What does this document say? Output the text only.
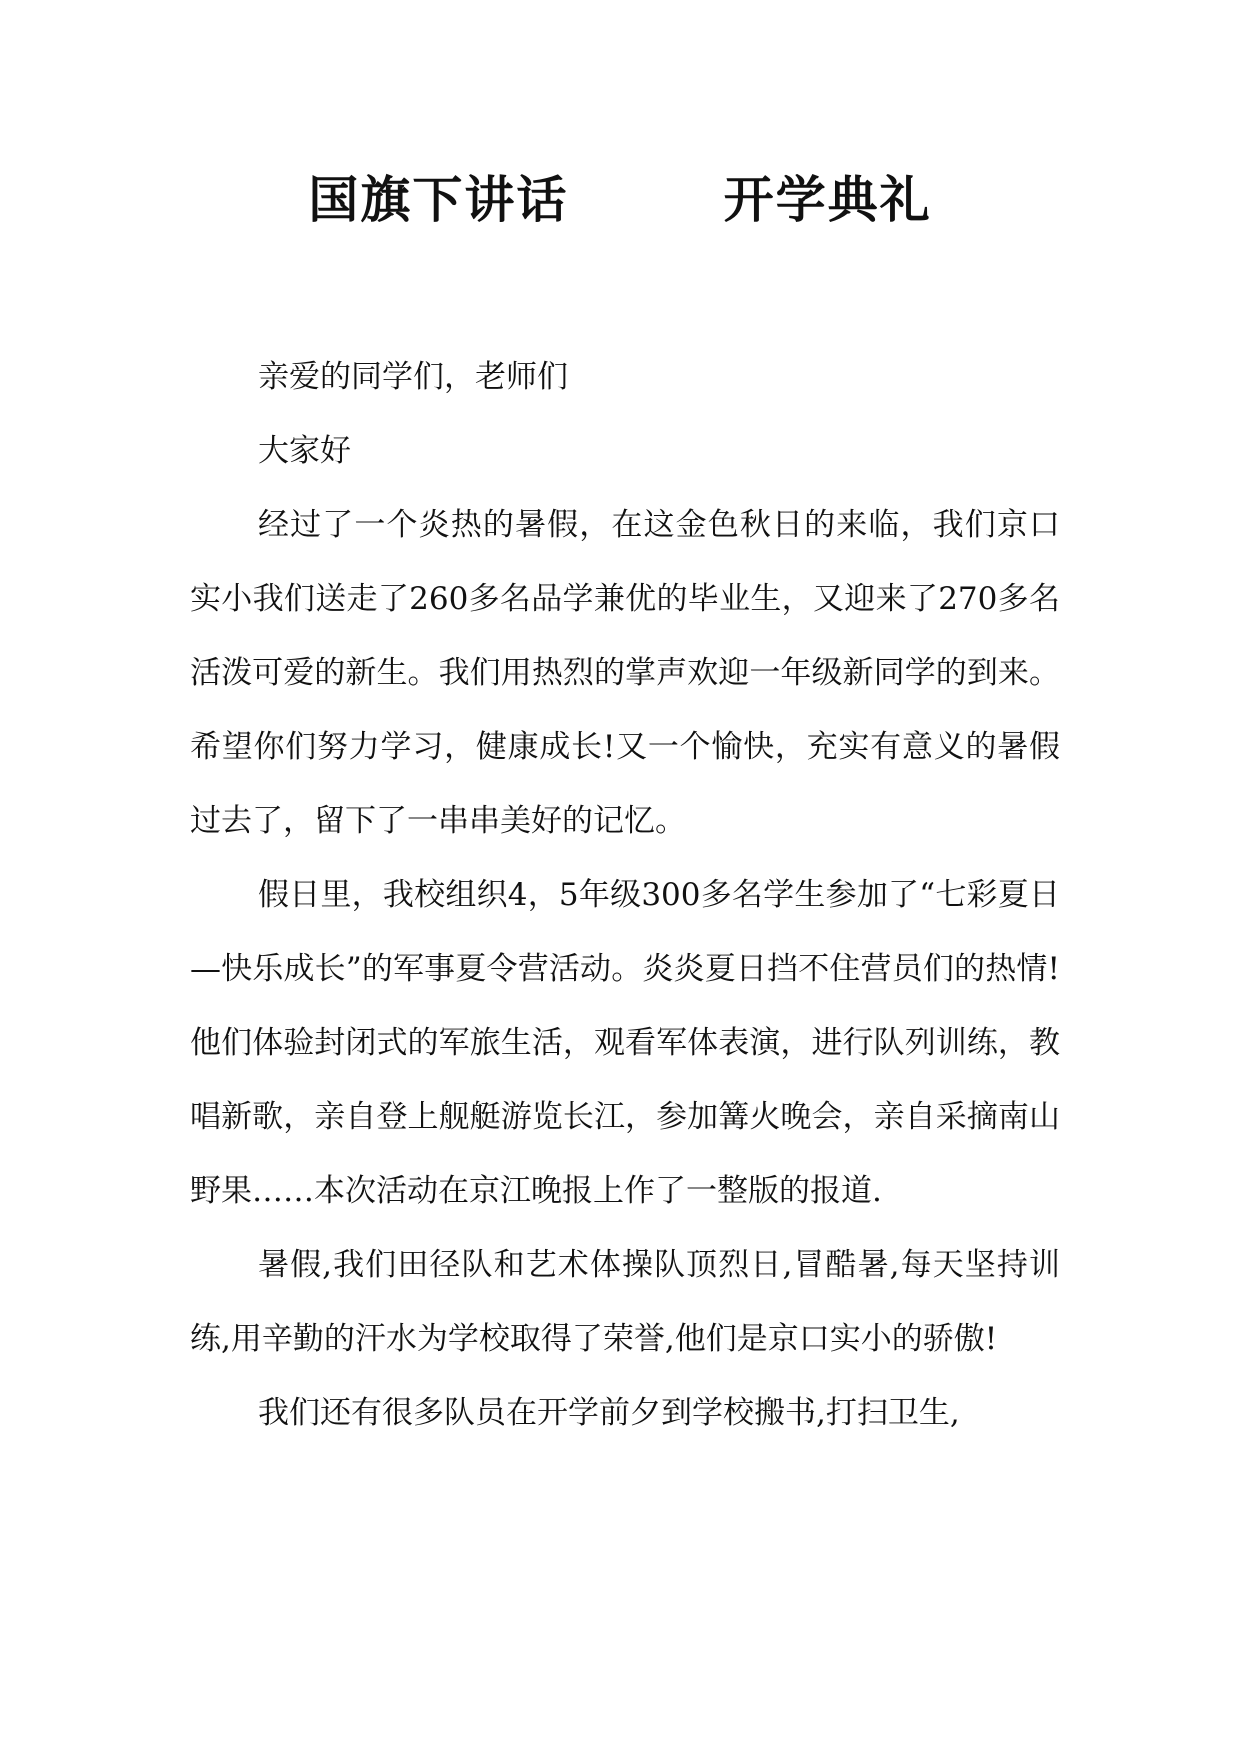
国旗下讲话        开学典礼

亲爱的同学们，老师们

大家好

经过了一个炎热的暑假，在这金色秋日的来临，我们京口实小我们送走了260多名品学兼优的毕业生，又迎来了270多名活泼可爱的新生。我们用热烈的掌声欢迎一年级新同学的到来。希望你们努力学习，健康成长!又一个愉快，充实有意义的暑假过去了，留下了一串串美好的记忆。

假日里，我校组织4，5年级300多名学生参加了“七彩夏日—快乐成长”的军事夏令营活动。炎炎夏日挡不住营员们的热情!他们体验封闭式的军旅生活，观看军体表演，进行队列训练，教唱新歌，亲自登上舰艇游览长江，参加篝火晚会，亲自采摘南山野果……本次活动在京江晚报上作了一整版的报道.

暑假,我们田径队和艺术体操队顶烈日,冒酷暑,每天坚持训练,用辛勤的汗水为学校取得了荣誉,他们是京口实小的骄傲!

我们还有很多队员在开学前夕到学校搬书,打扫卫生,
